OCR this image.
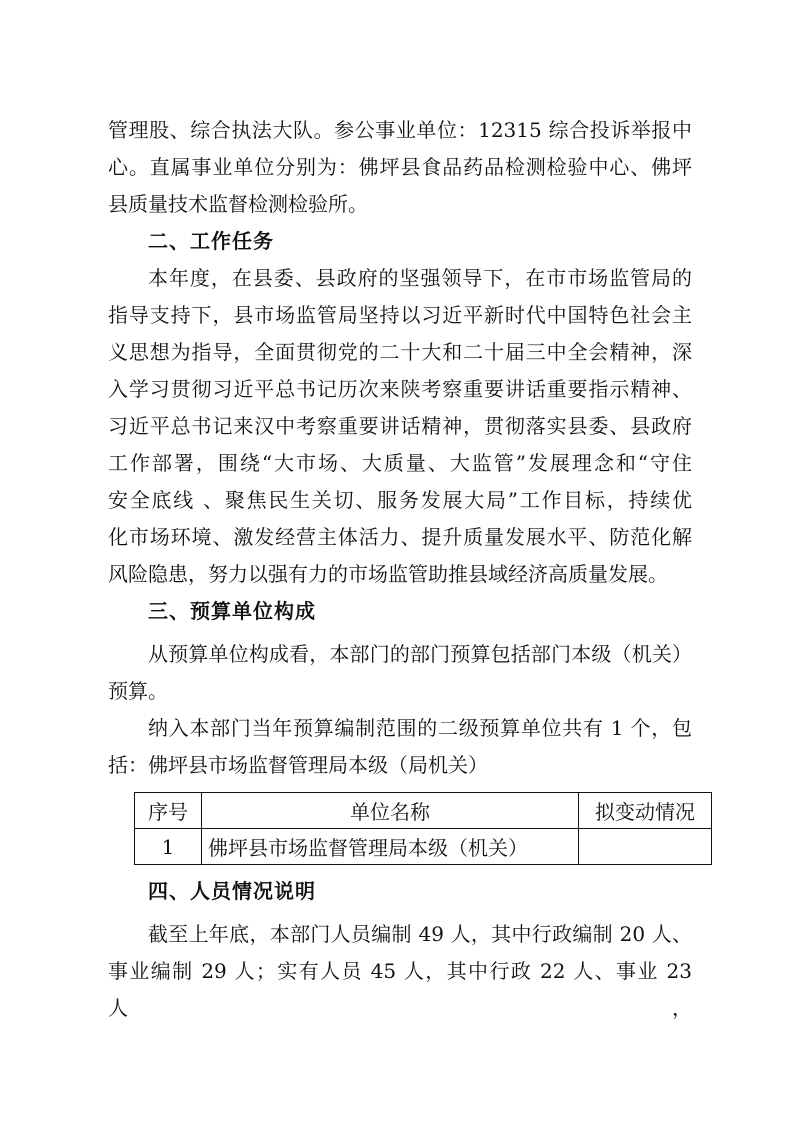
管理股、综合执法大队。参公事业单位：12315 综合投诉举报中

心。直属事业单位分别为：佛坪县食品药品检测检验中心、佛坪

县质量技术监督检测检验所。

二、工作任务

本年度，在县委、县政府的坚强领导下，在市市场监管局的

指导支持下，县市场监管局坚持以习近平新时代中国特色社会主

义思想为指导，全面贯彻党的二十大和二十届三中全会精神，深

入学习贯彻习近平总书记历次来陕考察重要讲话重要指示精神、

习近平总书记来汉中考察重要讲话精神，贯彻落实县委、县政府

工作部署，围绕“大市场、大质量、大监管”发展理念和“守住

安全底线 、聚焦民生关切、服务发展大局”工作目标，持续优

化市场环境、激发经营主体活力、提升质量发展水平、防范化解

风险隐患，努力以强有力的市场监管助推县域经济高质量发展。

三、预算单位构成

从预算单位构成看，本部门的部门预算包括部门本级（机关）

预算。

纳入本部门当年预算编制范围的二级预算单位共有 1 个，包

括：佛坪县市场监督管理局本级（局机关）

序号	单位名称	拟变动情况
1	佛坪县市场监督管理局本级（机关）	
四、人员情况说明

截至上年底，本部门人员编制 49 人，其中行政编制 20 人、

事业编制 29 人；实有人员 45 人，其中行政 22 人、事业 23 人，
